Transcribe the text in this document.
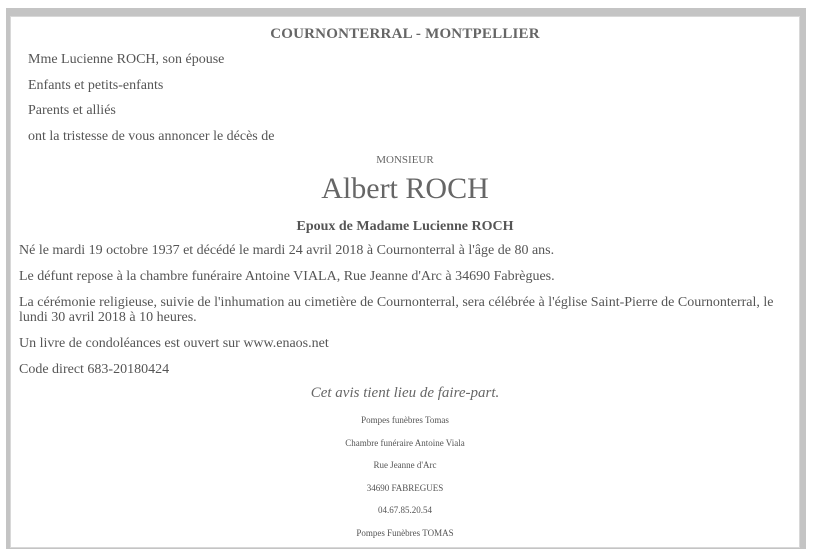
COURNONTERRAL - MONTPELLIER
Mme Lucienne ROCH, son épouse
Enfants et petits-enfants
Parents et alliés
ont la tristesse de vous annoncer le décès de
MONSIEUR
Albert ROCH
Epoux de Madame Lucienne ROCH
Né le mardi 19 octobre 1937 et décédé le mardi 24 avril 2018 à Cournonterral à l'âge de 80 ans.
Le défunt repose à la chambre funéraire Antoine VIALA, Rue Jeanne d'Arc à 34690 Fabrègues.
La cérémonie religieuse, suivie de l'inhumation au cimetière de Cournonterral, sera célébrée à l'église Saint-Pierre de Cournonterral, le lundi 30 avril 2018 à 10 heures.
Un livre de condoléances est ouvert sur www.enaos.net
Code direct 683-20180424
Cet avis tient lieu de faire-part.
Pompes funèbres Tomas
Chambre funéraire Antoine Viala
Rue Jeanne d'Arc
34690 FABREGUES
04.67.85.20.54
Pompes Funèbres TOMAS
